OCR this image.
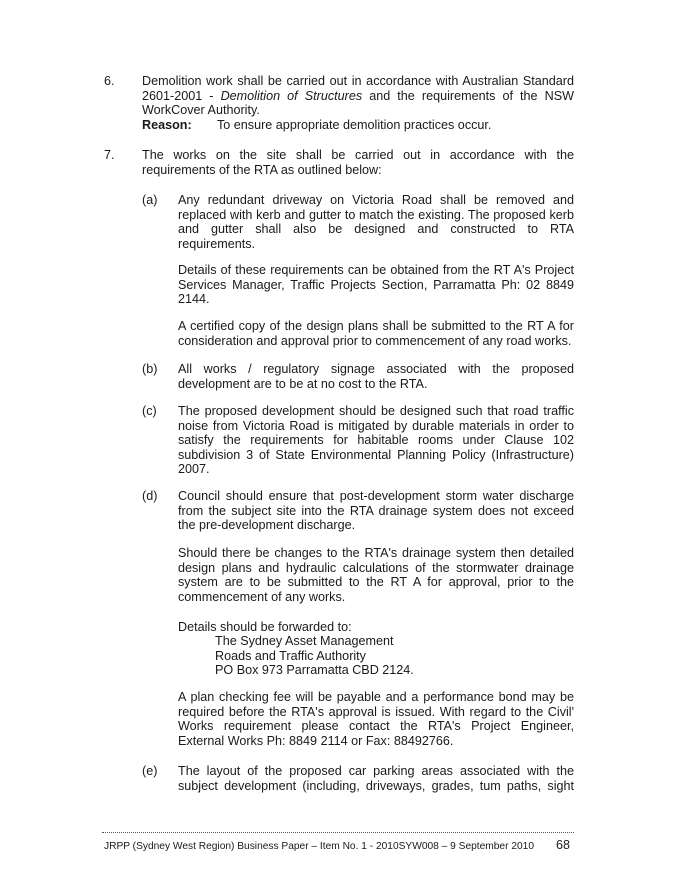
6. Demolition work shall be carried out in accordance with Australian Standard 2601-2001 - Demolition of Structures and the requirements of the NSW WorkCover Authority.
Reason: To ensure appropriate demolition practices occur.
7. The works on the site shall be carried out in accordance with the requirements of the RTA as outlined below:
(a) Any redundant driveway on Victoria Road shall be removed and replaced with kerb and gutter to match the existing. The proposed kerb and gutter shall also be designed and constructed to RTA requirements.
Details of these requirements can be obtained from the RT A's Project Services Manager, Traffic Projects Section, Parramatta Ph: 02 8849 2144.
A certified copy of the design plans shall be submitted to the RT A for consideration and approval prior to commencement of any road works.
(b) All works / regulatory signage associated with the proposed development are to be at no cost to the RTA.
(c) The proposed development should be designed such that road traffic noise from Victoria Road is mitigated by durable materials in order to satisfy the requirements for habitable rooms under Clause 102 subdivision 3 of State Environmental Planning Policy (Infrastructure) 2007.
(d) Council should ensure that post-development storm water discharge from the subject site into the RTA drainage system does not exceed the pre-development discharge.
Should there be changes to the RTA's drainage system then detailed design plans and hydraulic calculations of the stormwater drainage system are to be submitted to the RT A for approval, prior to the commencement of any works.
Details should be forwarded to:
The Sydney Asset Management
Roads and Traffic Authority
PO Box 973 Parramatta CBD 2124.
A plan checking fee will be payable and a performance bond may be required before the RTA's approval is issued. With regard to the Civil' Works requirement please contact the RTA's Project Engineer, External Works Ph: 8849 2114 or Fax: 88492766.
(e) The layout of the proposed car parking areas associated with the
subject development (including, driveways, grades, tum paths, sight
JRPP (Sydney West Region) Business Paper – Item No. 1 - 2010SYW008 – 9 September 2010 68
